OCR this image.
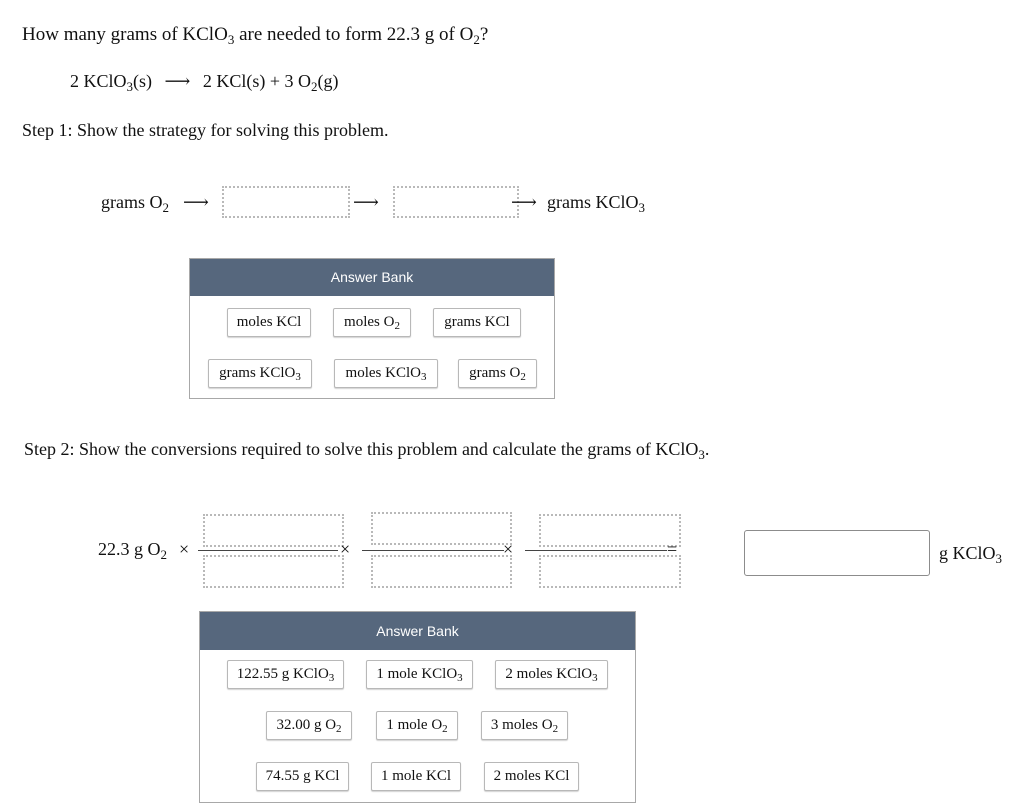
How many grams of KClO$_3$ are needed to form 22.3 g of $O_2$?
2 KClO$_3$(s) ⟶ 2 KCl(s) + 3 $O_2(g)$
Step 1: Show the strategy for solving this problem.
grams $O_2$ ⟶	⟶	⟶ grams KClO$_3$
Answer Bank
moles KCl	moles $O_2$	grams KCl
grams KClO$_3$	moles KClO$_3$	grams $O_2$
Step 2: Show the conversions required to solve this problem and calculate the grams of KClO$_3$.
22.3 g $O_2$ ×	×	×	=	g KClO$_3$
Answer Bank
122.55 g KClO$_3$	1 mole KClO$_3$	2 moles KClO$_3$
32.00 g $O_2$	1 mole $O_2$	3 moles $O_2$
74.55 g KCl	1 mole KCl	2 moles KCl
